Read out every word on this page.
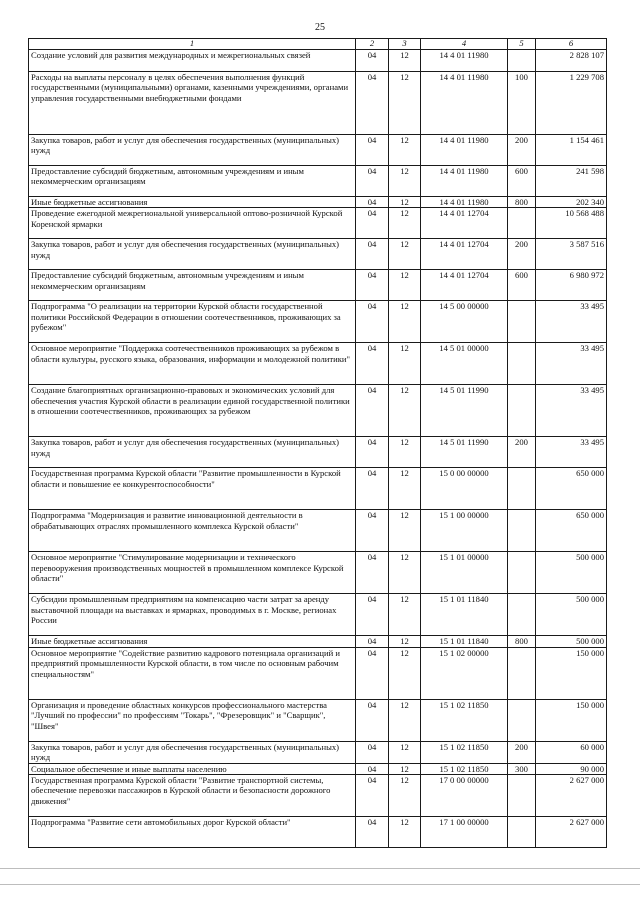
25
1	2	3	4	5	6
Создание условий для развития международных и межрегиональных связей	04	12	14 4 01 11980		2 828 107
Расходы на выплаты персоналу в целях обеспечения выполнения функций государственными (муниципальными) органами, казенными учреждениями, органами управления государственными внебюджетными фондами	04	12	14 4 01 11980	100	1 229 708
Закупка товаров, работ и услуг для обеспечения государственных (муниципальных) нужд	04	12	14 4 01 11980	200	1 154 461
Предоставление субсидий бюджетным, автономным учреждениям и иным некоммерческим организациям	04	12	14 4 01 11980	600	241 598
Иные бюджетные ассигнования	04	12	14 4 01 11980	800	202 340
Проведение ежегодной межрегиональной универсальной оптово-розничной Курской Коренской ярмарки	04	12	14 4 01 12704		10 568 488
Закупка товаров, работ и услуг для обеспечения государственных (муниципальных) нужд	04	12	14 4 01 12704	200	3 587 516
Предоставление субсидий бюджетным, автономным учреждениям и иным некоммерческим организациям	04	12	14 4 01 12704	600	6 980 972
Подпрограмма "О реализации на территории Курской области государственной политики Российской Федерации в отношении соотечественников, проживающих за рубежом"	04	12	14 5 00 00000		33 495
Основное мероприятие "Поддержка соотечественников проживающих за рубежом в области культуры, русского языка, образования, информации и молодежной политики"	04	12	14 5 01 00000		33 495
Создание благоприятных организационно-правовых и экономических условий для обеспечения участия Курской области в реализации единой государственной политики в отношении соотечественников, проживающих за рубежом	04	12	14 5 01 11990		33 495
Закупка товаров, работ и услуг для обеспечения государственных (муниципальных) нужд	04	12	14 5 01 11990	200	33 495
Государственная программа Курской области "Развитие промышленности в Курской области и повышение ее конкурентоспособности"	04	12	15 0 00 00000		650 000
Подпрограмма "Модернизация и развитие инновационной деятельности в обрабатывающих отраслях промышленного комплекса Курской области"	04	12	15 1 00 00000		650 000
Основное мероприятие "Стимулирование модернизации и технического перевооружения производственных мощностей в промышленном комплексе Курской области"	04	12	15 1 01 00000		500 000
Субсидии промышленным предприятиям на компенсацию части затрат за аренду выставочной площади на выставках и ярмарках, проводимых в г. Москве, регионах России	04	12	15 1 01 11840		500 000
Иные бюджетные ассигнования	04	12	15 1 01 11840	800	500 000
Основное мероприятие "Содействие развитию кадрового потенциала организаций и предприятий промышленности Курской области, в том числе по основным рабочим специальностям"	04	12	15 1 02 00000		150 000
Организация и проведение областных конкурсов профессионального мастерства "Лучший по профессии" по профессиям "Токарь", "Фрезеровщик" и "Сварщик", "Швея"	04	12	15 1 02 11850		150 000
Закупка товаров, работ и услуг для обеспечения государственных (муниципальных) нужд	04	12	15 1 02 11850	200	60 000
Социальное обеспечение и иные выплаты населению	04	12	15 1 02 11850	300	90 000
Государственная программа Курской области "Развитие транспортной системы, обеспечение перевозки пассажиров в Курской области и безопасности дорожного движения"	04	12	17 0 00 00000		2 627 000
Подпрограмма "Развитие сети автомобильных дорог Курской области"	04	12	17 1 00 00000		2 627 000
